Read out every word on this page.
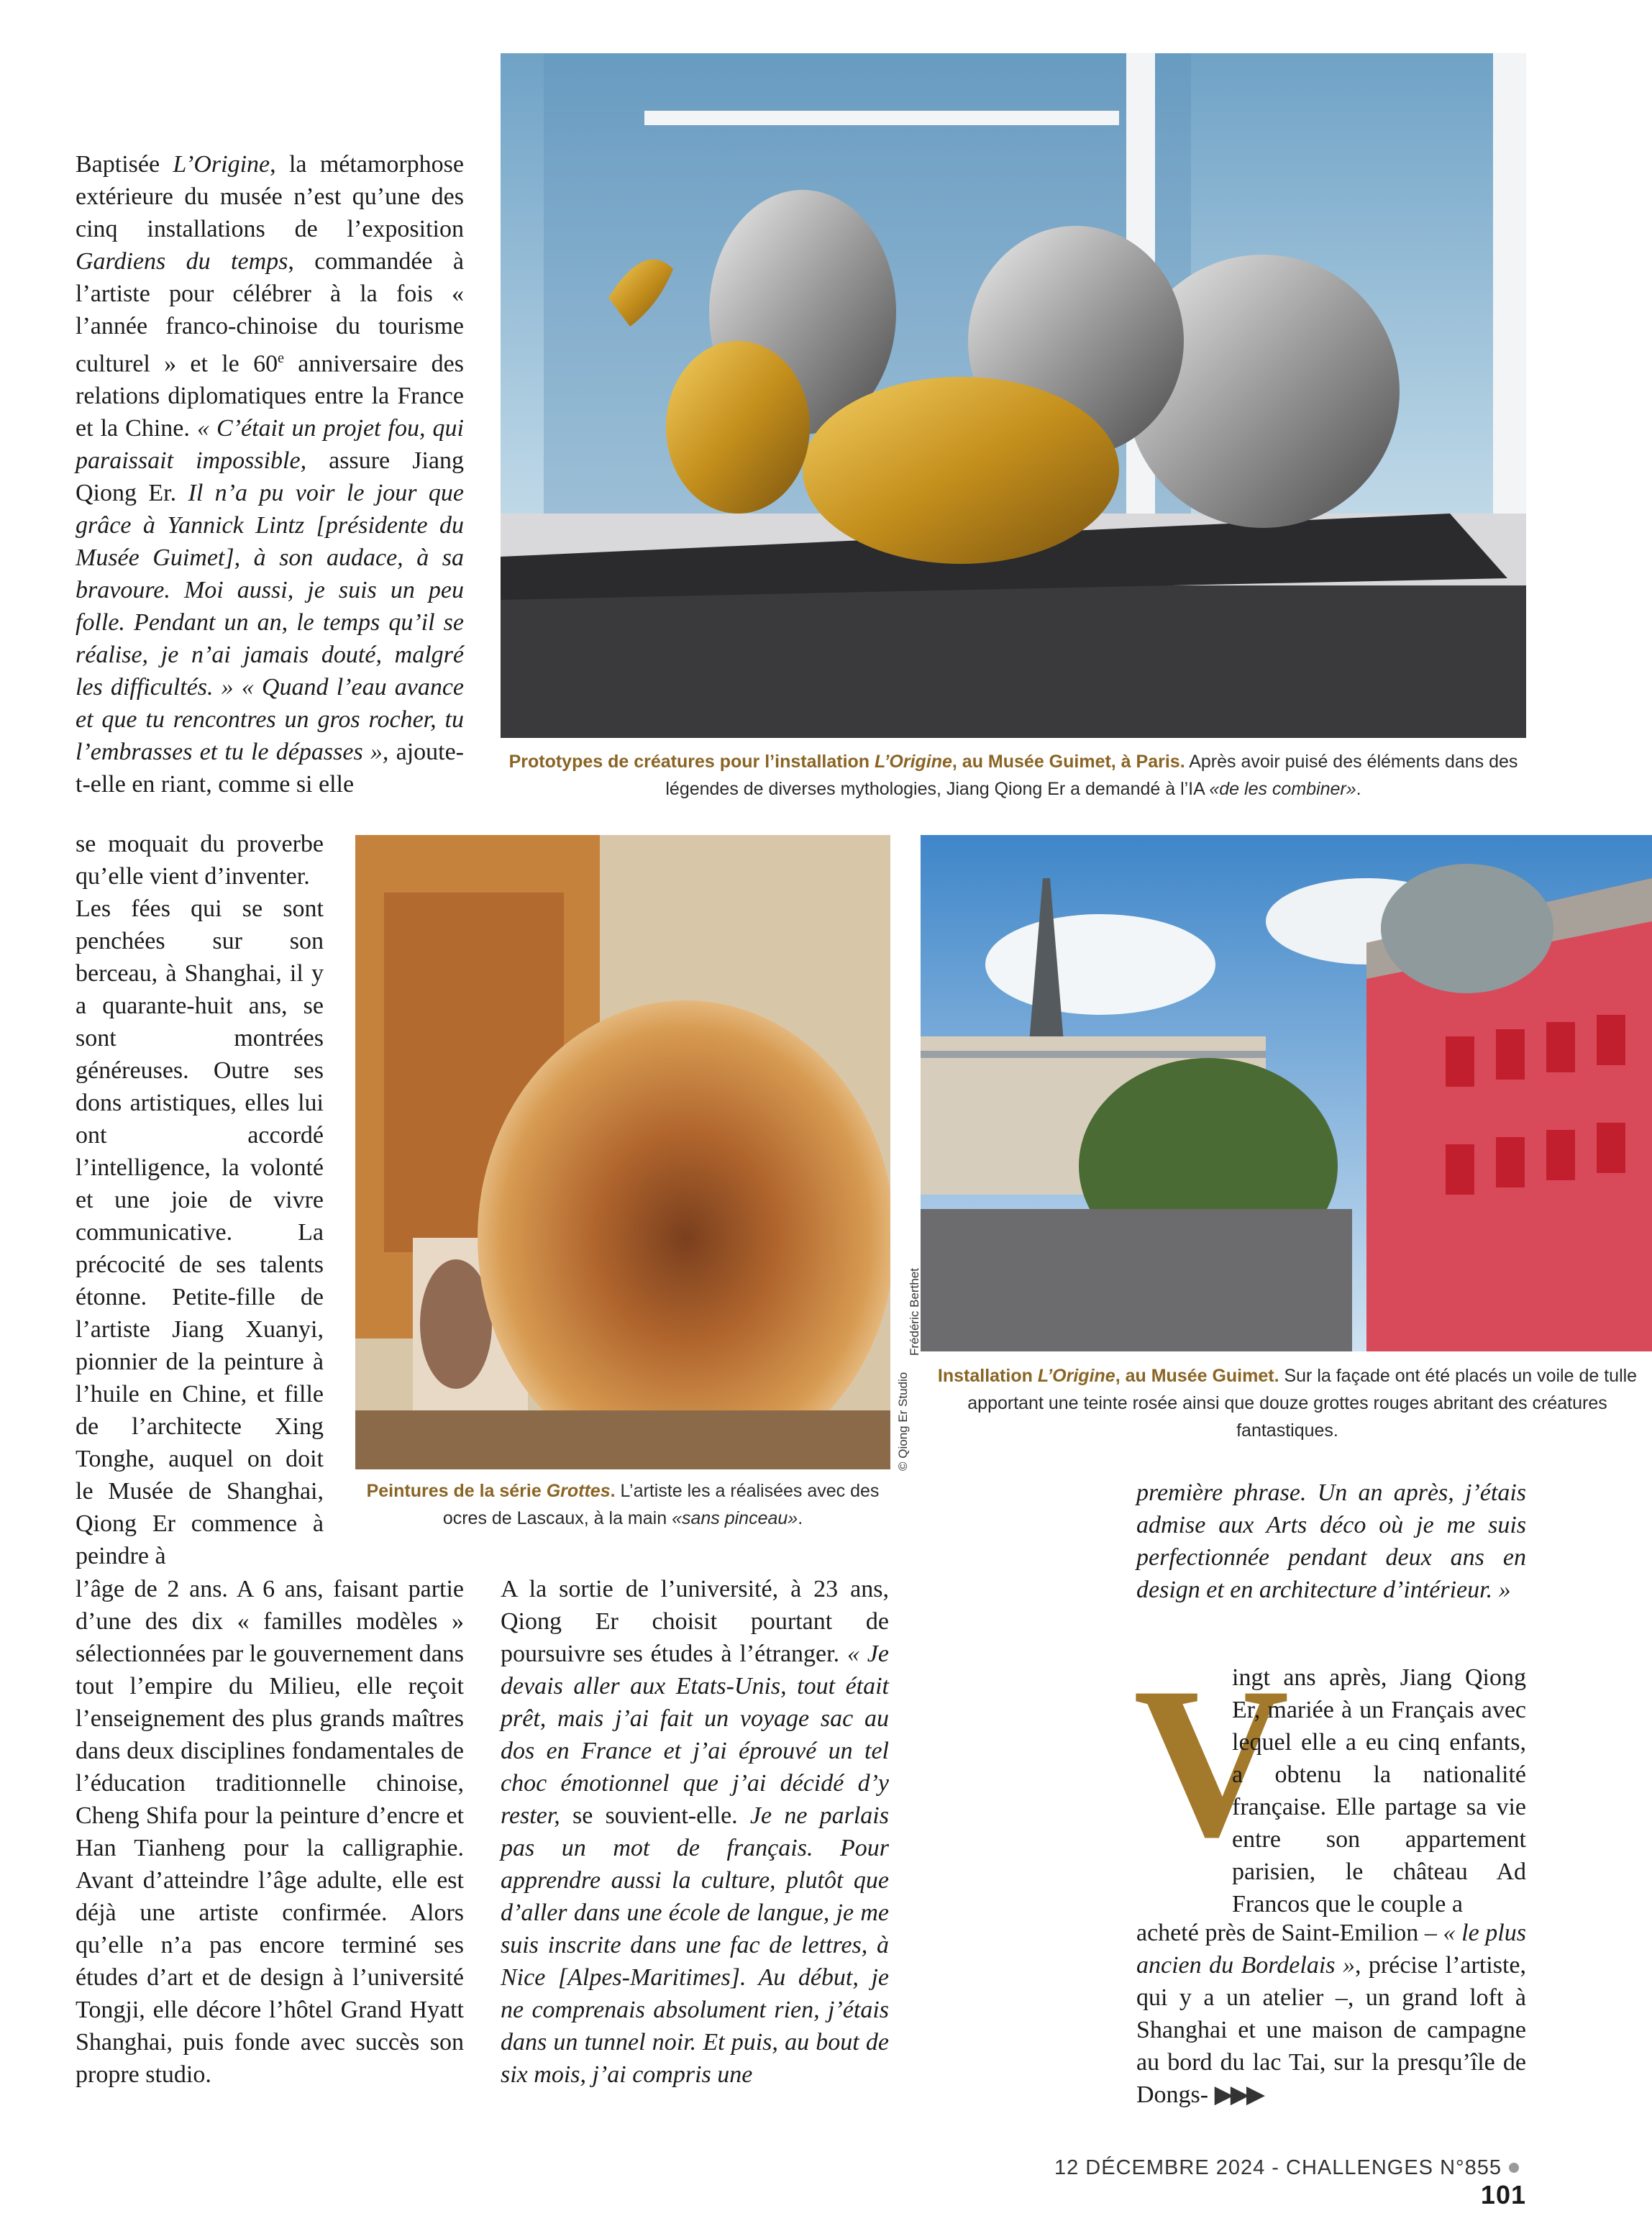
Prototypes de créatures pour l’installation L’Origine, au Musée Guimet, à Paris. Après avoir puisé des éléments dans des légendes de diverses mythologies, Jiang Qiong Er a demandé à l’IA «de les combiner».
© Qiong Er Studio
Frédéric Berthet
Installation L’Origine, au Musée Guimet. Sur la façade ont été placés un voile de tulle apportant une teinte rosée ainsi que douze grottes rouges abritant des créatures fantastiques.
Peintures de la série Grottes. L’artiste les a réalisées avec des ocres de Lascaux, à la main «sans pinceau».

Baptisée L’Origine, la métamorphose extérieure du musée n’est qu’une des cinq installations de l’exposition Gardiens du temps, commandée à l’artiste pour célébrer à la fois « l’année franco-chinoise du tourisme culturel » et le 60e anniversaire des relations diplomatiques entre la France et la Chine. « C’était un projet fou, qui paraissait impossible, assure Jiang Qiong Er. Il n’a pu voir le jour que grâce à Yannick Lintz [présidente du Musée Guimet], à son audace, à sa bravoure. Moi aussi, je suis un peu folle. Pendant un an, le temps qu’il se réalise, je n’ai jamais douté, malgré les difficultés. » « Quand l’eau avance et que tu rencontres un gros rocher, tu l’embrasses et tu le dépasses », ajoute-t-elle en riant, comme si elle

se moquait du proverbe qu’elle vient d’inventer.

Les fées qui se sont penchées sur son berceau, à Shanghai, il y a quarante-huit ans, se sont montrées généreuses. Outre ses dons artistiques, elles lui ont accordé l’intelligence, la volonté et une joie de vivre communicative. La précocité de ses talents étonne. Petite-fille de l’artiste Jiang Xuanyi, pionnier de la peinture à l’huile en Chine, et fille de l’architecte Xing Tonghe, auquel on doit le Musée de Shanghai, Qiong Er commence à peindre à

l’âge de 2 ans. A 6 ans, faisant partie d’une des dix « familles modèles » sélectionnées par le gouvernement dans tout l’empire du Milieu, elle reçoit l’enseignement des plus grands maîtres dans deux disciplines fondamentales de l’éducation traditionnelle chinoise, Cheng Shifa pour la peinture d’encre et Han Tianheng pour la calligraphie. Avant d’atteindre l’âge adulte, elle est déjà une artiste confirmée. Alors qu’elle n’a pas encore terminé ses études d’art et de design à l’université Tongji, elle décore l’hôtel Grand Hyatt Shanghai, puis fonde avec succès son propre studio.

A la sortie de l’université, à 23 ans, Qiong Er choisit pourtant de poursuivre ses études à l’étranger. « Je devais aller aux Etats-Unis, tout était prêt, mais j’ai fait un voyage sac au dos en France et j’ai éprouvé un tel choc émotionnel que j’ai décidé d’y rester, se souvient-elle. Je ne parlais pas un mot de français. Pour apprendre aussi la culture, plutôt que d’aller dans une école de langue, je me suis inscrite dans une fac de lettres, à Nice [Alpes-Maritimes]. Au début, je ne comprenais absolument rien, j’étais dans un tunnel noir. Et puis, au bout de six mois, j’ai compris une

première phrase. Un an après, j’étais admise aux Arts déco où je me suis perfectionnée pendant deux ans en design et en architecture d’intérieur. »

V

ingt ans après, Jiang Qiong Er, mariée à un Français avec lequel elle a eu cinq enfants, a obtenu la nationalité française. Elle partage sa vie entre son appartement parisien, le château Ad Francos que le couple a

acheté près de Saint-Emilion – « le plus ancien du Bordelais », précise l’artiste, qui y a un atelier –, un grand loft à Shanghai et une maison de campagne au bord du lac Tai, sur la presqu’île de Dongs- ▶▶▶

12 DÉCEMBRE 2024 - CHALLENGES N°855101
